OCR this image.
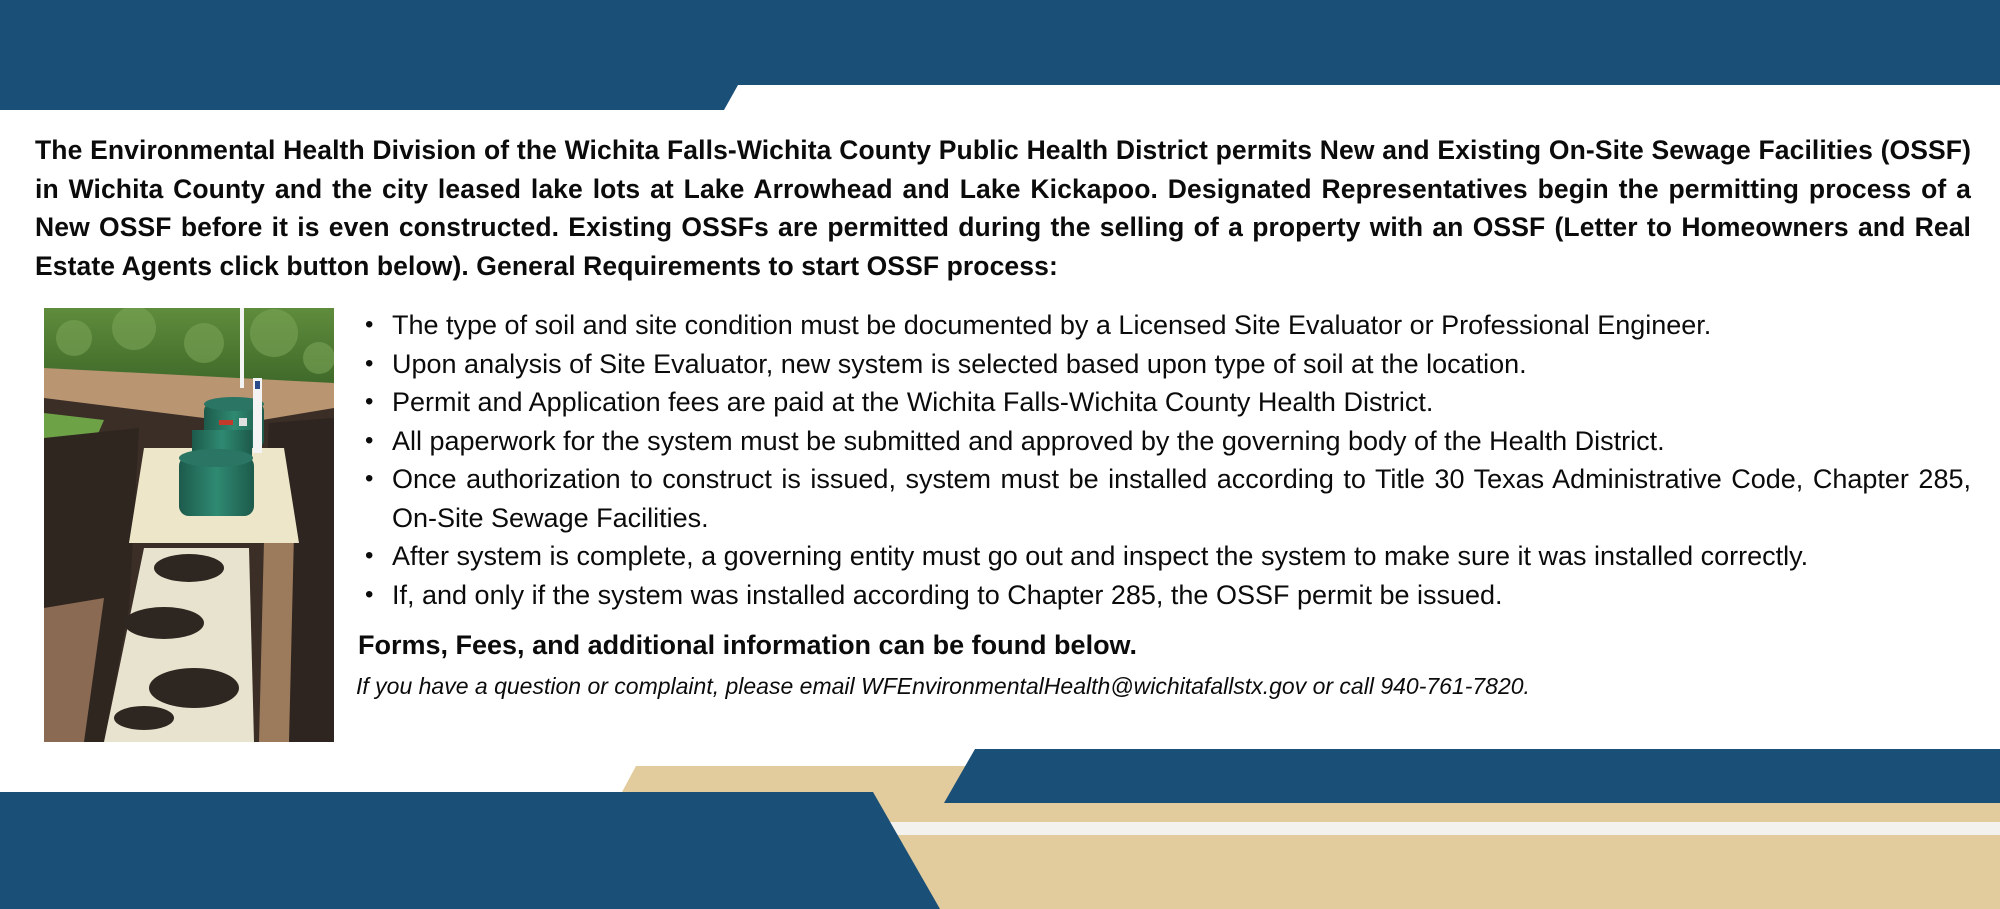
The Environmental Health Division of the Wichita Falls-Wichita County Public Health District permits New and Existing On-Site Sewage Facilities (OSSF) in Wichita County and the city leased lake lots at Lake Arrowhead and Lake Kickapoo. Designated Representatives begin the permitting process of a New OSSF before it is even constructed. Existing OSSFs are permitted during the selling of a property with an OSSF (Letter to Homeowners and Real Estate Agents click button below). General Requirements to start OSSF process:
• The type of soil and site condition must be documented by a Licensed Site Evaluator or Professional Engineer.
• Upon analysis of Site Evaluator, new system is selected based upon type of soil at the location.
• Permit and Application fees are paid at the Wichita Falls-Wichita County Health District.
• All paperwork for the system must be submitted and approved by the governing body of the Health District.
• Once authorization to construct is issued, system must be installed according to Title 30 Texas Administrative Code, Chapter 285, On-Site Sewage Facilities.
• After system is complete, a governing entity must go out and inspect the system to make sure it was installed correctly.
• If, and only if the system was installed according to Chapter 285, the OSSF permit be issued.
Forms, Fees, and additional information can be found below.
If you have a question or complaint, please email WFEnvironmentalHealth@wichitafallstx.gov or call 940-761-7820.
